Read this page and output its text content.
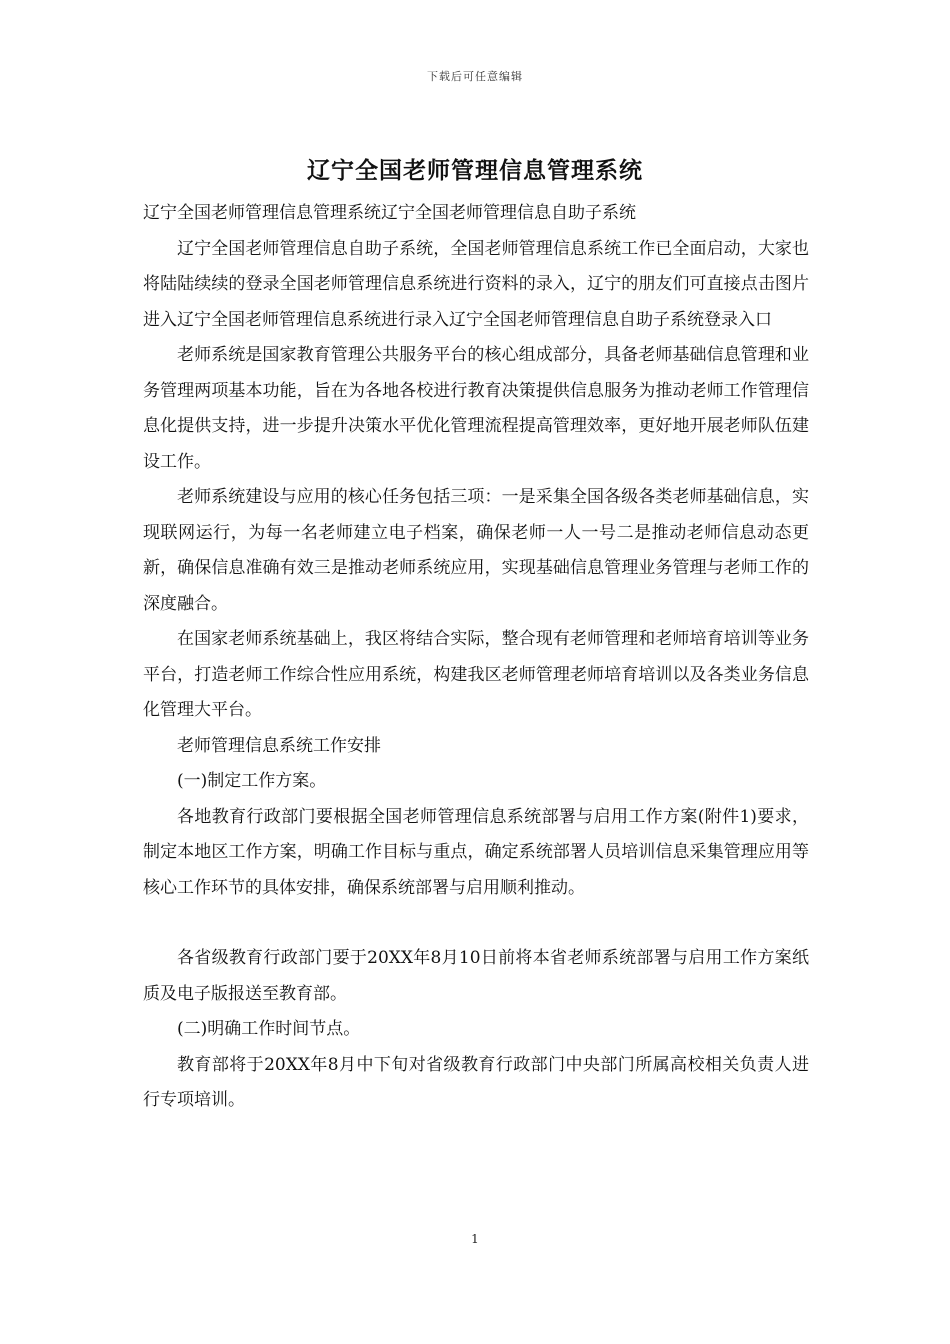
下载后可任意编辑
辽宁全国老师管理信息管理系统

辽宁全国老师管理信息管理系统辽宁全国老师管理信息自助子系统

辽宁全国老师管理信息自助子系统，全国老师管理信息系统工作已全面启动，大家也将陆陆续续的登录全国老师管理信息系统进行资料的录入，辽宁的朋友们可直接点击图片进入辽宁全国老师管理信息系统进行录入辽宁全国老师管理信息自助子系统登录入口

老师系统是国家教育管理公共服务平台的核心组成部分，具备老师基础信息管理和业务管理两项基本功能，旨在为各地各校进行教育决策提供信息服务为推动老师工作管理信息化提供支持，进一步提升决策水平优化管理流程提高管理效率，更好地开展老师队伍建设工作。

老师系统建设与应用的核心任务包括三项：一是采集全国各级各类老师基础信息，实现联网运行，为每一名老师建立电子档案，确保老师一人一号二是推动老师信息动态更新，确保信息准确有效三是推动老师系统应用，实现基础信息管理业务管理与老师工作的深度融合。

在国家老师系统基础上，我区将结合实际，整合现有老师管理和老师培育培训等业务平台，打造老师工作综合性应用系统，构建我区老师管理老师培育培训以及各类业务信息化管理大平台。

老师管理信息系统工作安排

(一)制定工作方案。

各地教育行政部门要根据全国老师管理信息系统部署与启用工作方案(附件1)要求，制定本地区工作方案，明确工作目标与重点，确定系统部署人员培训信息采集管理应用等核心工作环节的具体安排，确保系统部署与启用顺利推动。

各省级教育行政部门要于20XX年8月10日前将本省老师系统部署与启用工作方案纸质及电子版报送至教育部。

(二)明确工作时间节点。

教育部将于20XX年8月中下旬对省级教育行政部门中央部门所属高校相关负责人进行专项培训。

1
